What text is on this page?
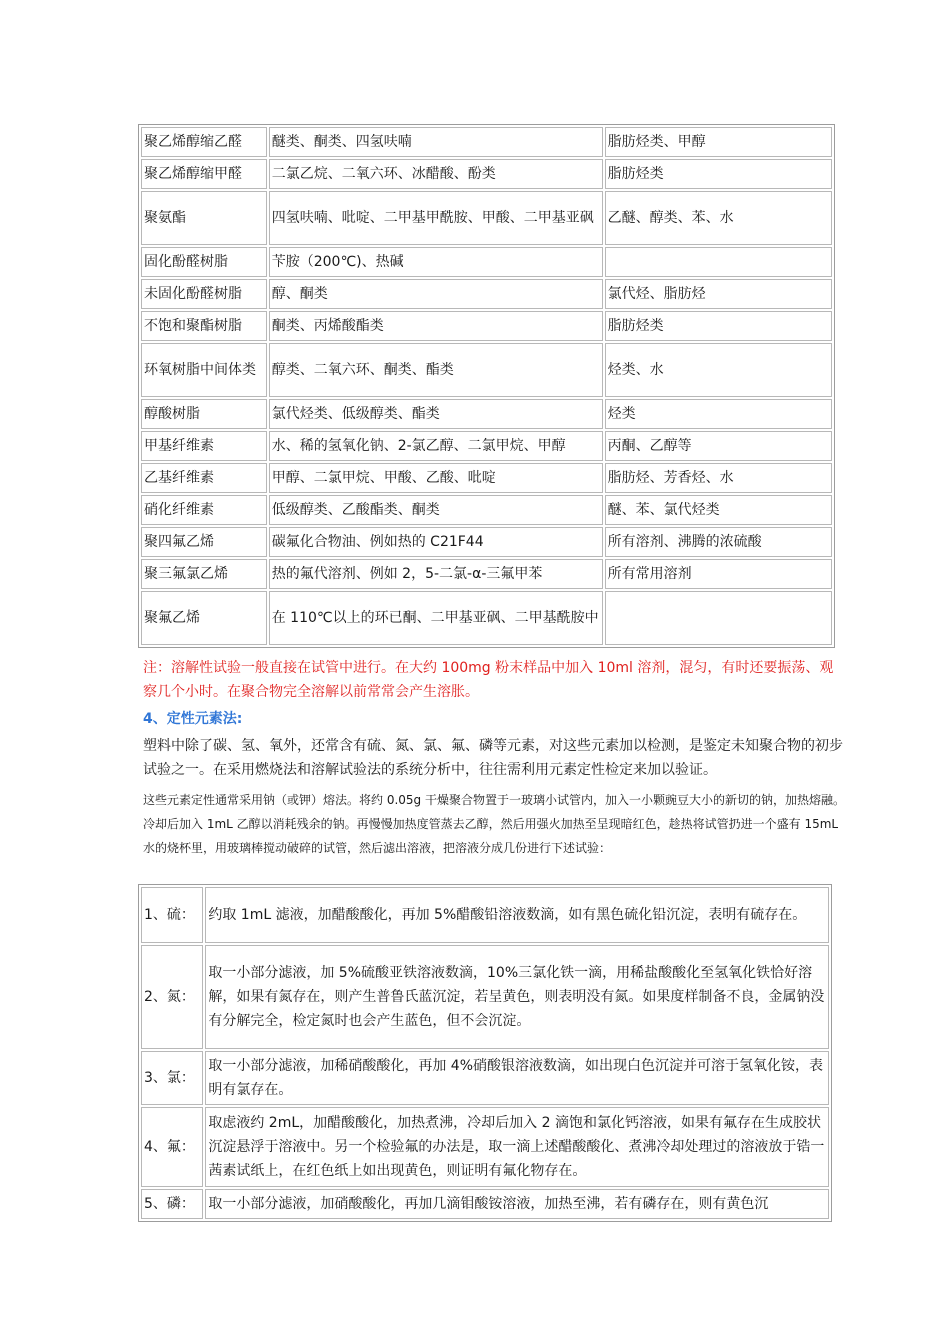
聚乙烯醇缩乙醛	醚类、酮类、四氢呋喃	脂肪烃类、甲醇
聚乙烯醇缩甲醛	二氯乙烷、二氧六环、冰醋酸、酚类	脂肪烃类
聚氨酯	四氢呋喃、吡啶、二甲基甲酰胺、甲酸、二甲基亚砜	乙醚、醇类、苯、水
固化酚醛树脂	苄胺（200℃)、热碱	
未固化酚醛树脂	醇、酮类	氯代烃、脂肪烃
不饱和聚酯树脂	酮类、丙烯酸酯类	脂肪烃类
环氧树脂中间体类	醇类、二氧六环、酮类、酯类	烃类、水
醇酸树脂	氯代烃类、低级醇类、酯类	烃类
甲基纤维素	水、稀的氢氧化钠、2-氯乙醇、二氯甲烷、甲醇	丙酮、乙醇等
乙基纤维素	甲醇、二氯甲烷、甲酸、乙酸、吡啶	脂肪烃、芳香烃、水
硝化纤维素	低级醇类、乙酸酯类、酮类	醚、苯、氯代烃类
聚四氟乙烯	碳氟化合物油、例如热的 C21F44	所有溶剂、沸腾的浓硫酸
聚三氟氯乙烯	热的氟代溶剂、例如 2，5-二氯-α-三氟甲苯	所有常用溶剂
聚氟乙烯	在 110℃以上的环已酮、二甲基亚砜、二甲基酰胺中	
注：溶解性试验一般直接在试管中进行。在大约 100mg 粉末样品中加入 10ml 溶剂，混匀，有时还要振荡、观察几个小时。在聚合物完全溶解以前常常会产生溶胀。
4、定性元素法:
塑料中除了碳、氢、氧外，还常含有硫、氮、氯、氟、磷等元素，对这些元素加以检测，是鉴定未知聚合物的初步试验之一。在采用燃烧法和溶解试验法的系统分析中，往往需利用元素定性检定来加以验证。
这些元素定性通常采用钠（或钾）熔法。将约 0.05g 干燥聚合物置于一玻璃小试管内，加入一小颗豌豆大小的新切的钠，加热熔融。冷却后加入 1mL 乙醇以消耗残余的钠。再慢慢加热度管蒸去乙醇，然后用强火加热至呈现暗红色，趁热将试管扔进一个盛有 15mL 水的烧杯里，用玻璃棒搅动破碎的试管，然后滤出溶液，把溶液分成几份进行下述试验：
1、硫：	约取 1mL 滤液，加醋酸酸化，再加 5%醋酸铅溶液数滴，如有黑色硫化铅沉淀，表明有硫存在。
2、氮：	取一小部分滤液，加 5%硫酸亚铁溶液数滴，10%三氯化铁一滴，用稀盐酸酸化至氢氧化铁恰好溶解，如果有氮存在，则产生普鲁氏蓝沉淀，若呈黄色，则表明没有氮。如果度样制备不良，金属钠没有分解完全，检定氮时也会产生蓝色，但不会沉淀。
3、氯：	取一小部分滤液，加稀硝酸酸化，再加 4%硝酸银溶液数滴，如出现白色沉淀并可溶于氢氧化铵，表明有氯存在。
4、氟：	取虑液约 2mL，加醋酸酸化，加热煮沸，冷却后加入 2 滴饱和氯化钙溶液，如果有氟存在生成胶状沉淀悬浮于溶液中。另一个检验氟的办法是，取一滴上述醋酸酸化、煮沸冷却处理过的溶液放于锆一茜素试纸上，在红色纸上如出现黄色，则证明有氟化物存在。
5、磷：	取一小部分滤液，加硝酸酸化，再加几滴钼酸铵溶液，加热至沸，若有磷存在，则有黄色沉
